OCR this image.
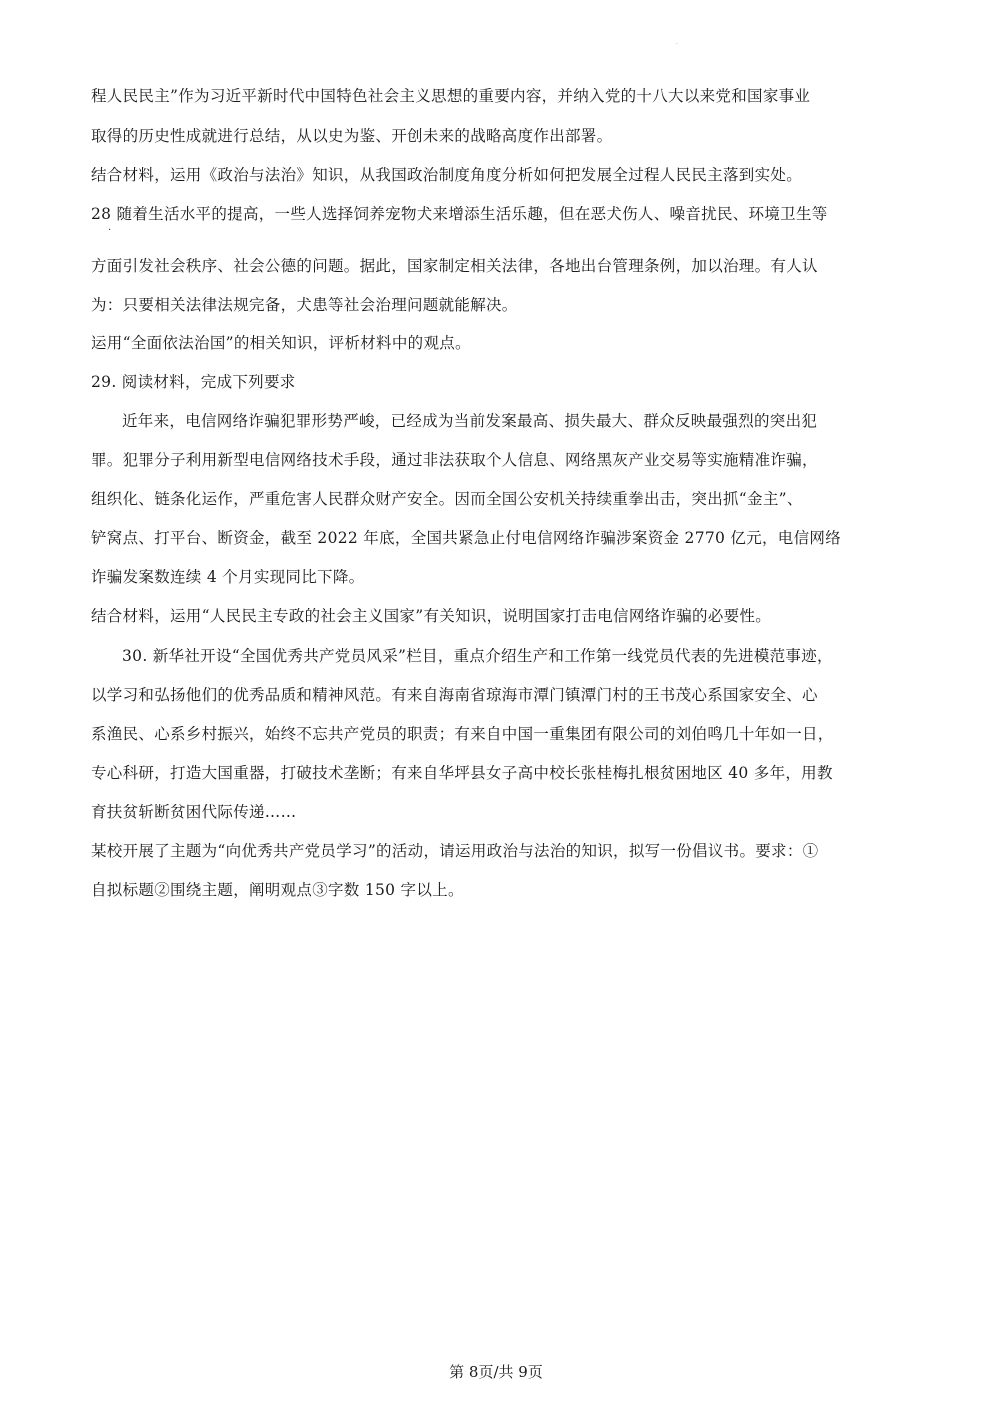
·
程人民民主”作为习近平新时代中国特色社会主义思想的重要内容，并纳入党的十八大以来党和国家事业
取得的历史性成就进行总结，从以史为鉴、开创未来的战略高度作出部署。
结合材料，运用《政治与法治》知识，从我国政治制度角度分析如何把发展全过程人民民主落到实处。
28 随着生活水平的提高，一些人选择饲养宠物犬来增添生活乐趣，但在恶犬伤人、噪音扰民、环境卫生等
·
方面引发社会秩序、社会公德的问题。据此，国家制定相关法律，各地出台管理条例，加以治理。有人认
为：只要相关法律法规完备，犬患等社会治理问题就能解决。
运用“全面依法治国”的相关知识，评析材料中的观点。
29. 阅读材料，完成下列要求
近年来，电信网络诈骗犯罪形势严峻，已经成为当前发案最高、损失最大、群众反映最强烈的突出犯
罪。犯罪分子利用新型电信网络技术手段，通过非法获取个人信息、网络黑灰产业交易等实施精准诈骗，
组织化、链条化运作，严重危害人民群众财产安全。因而全国公安机关持续重拳出击，突出抓“金主”、
铲窝点、打平台、断资金，截至 2022 年底，全国共紧急止付电信网络诈骗涉案资金 2770 亿元，电信网络
诈骗发案数连续 4 个月实现同比下降。
结合材料，运用“人民民主专政的社会主义国家”有关知识，说明国家打击电信网络诈骗的必要性。
30. 新华社开设“全国优秀共产党员风采”栏目，重点介绍生产和工作第一线党员代表的先进模范事迹，
以学习和弘扬他们的优秀品质和精神风范。有来自海南省琼海市潭门镇潭门村的王书茂心系国家安全、心
系渔民、心系乡村振兴，始终不忘共产党员的职责；有来自中国一重集团有限公司的刘伯鸣几十年如一日，
专心科研，打造大国重器，打破技术垄断；有来自华坪县女子高中校长张桂梅扎根贫困地区 40 多年，用教
育扶贫斩断贫困代际传递……
某校开展了主题为“向优秀共产党员学习”的活动，请运用政治与法治的知识，拟写一份倡议书。要求：①
自拟标题②围绕主题，阐明观点③字数 150 字以上。
第 8页/共 9页
